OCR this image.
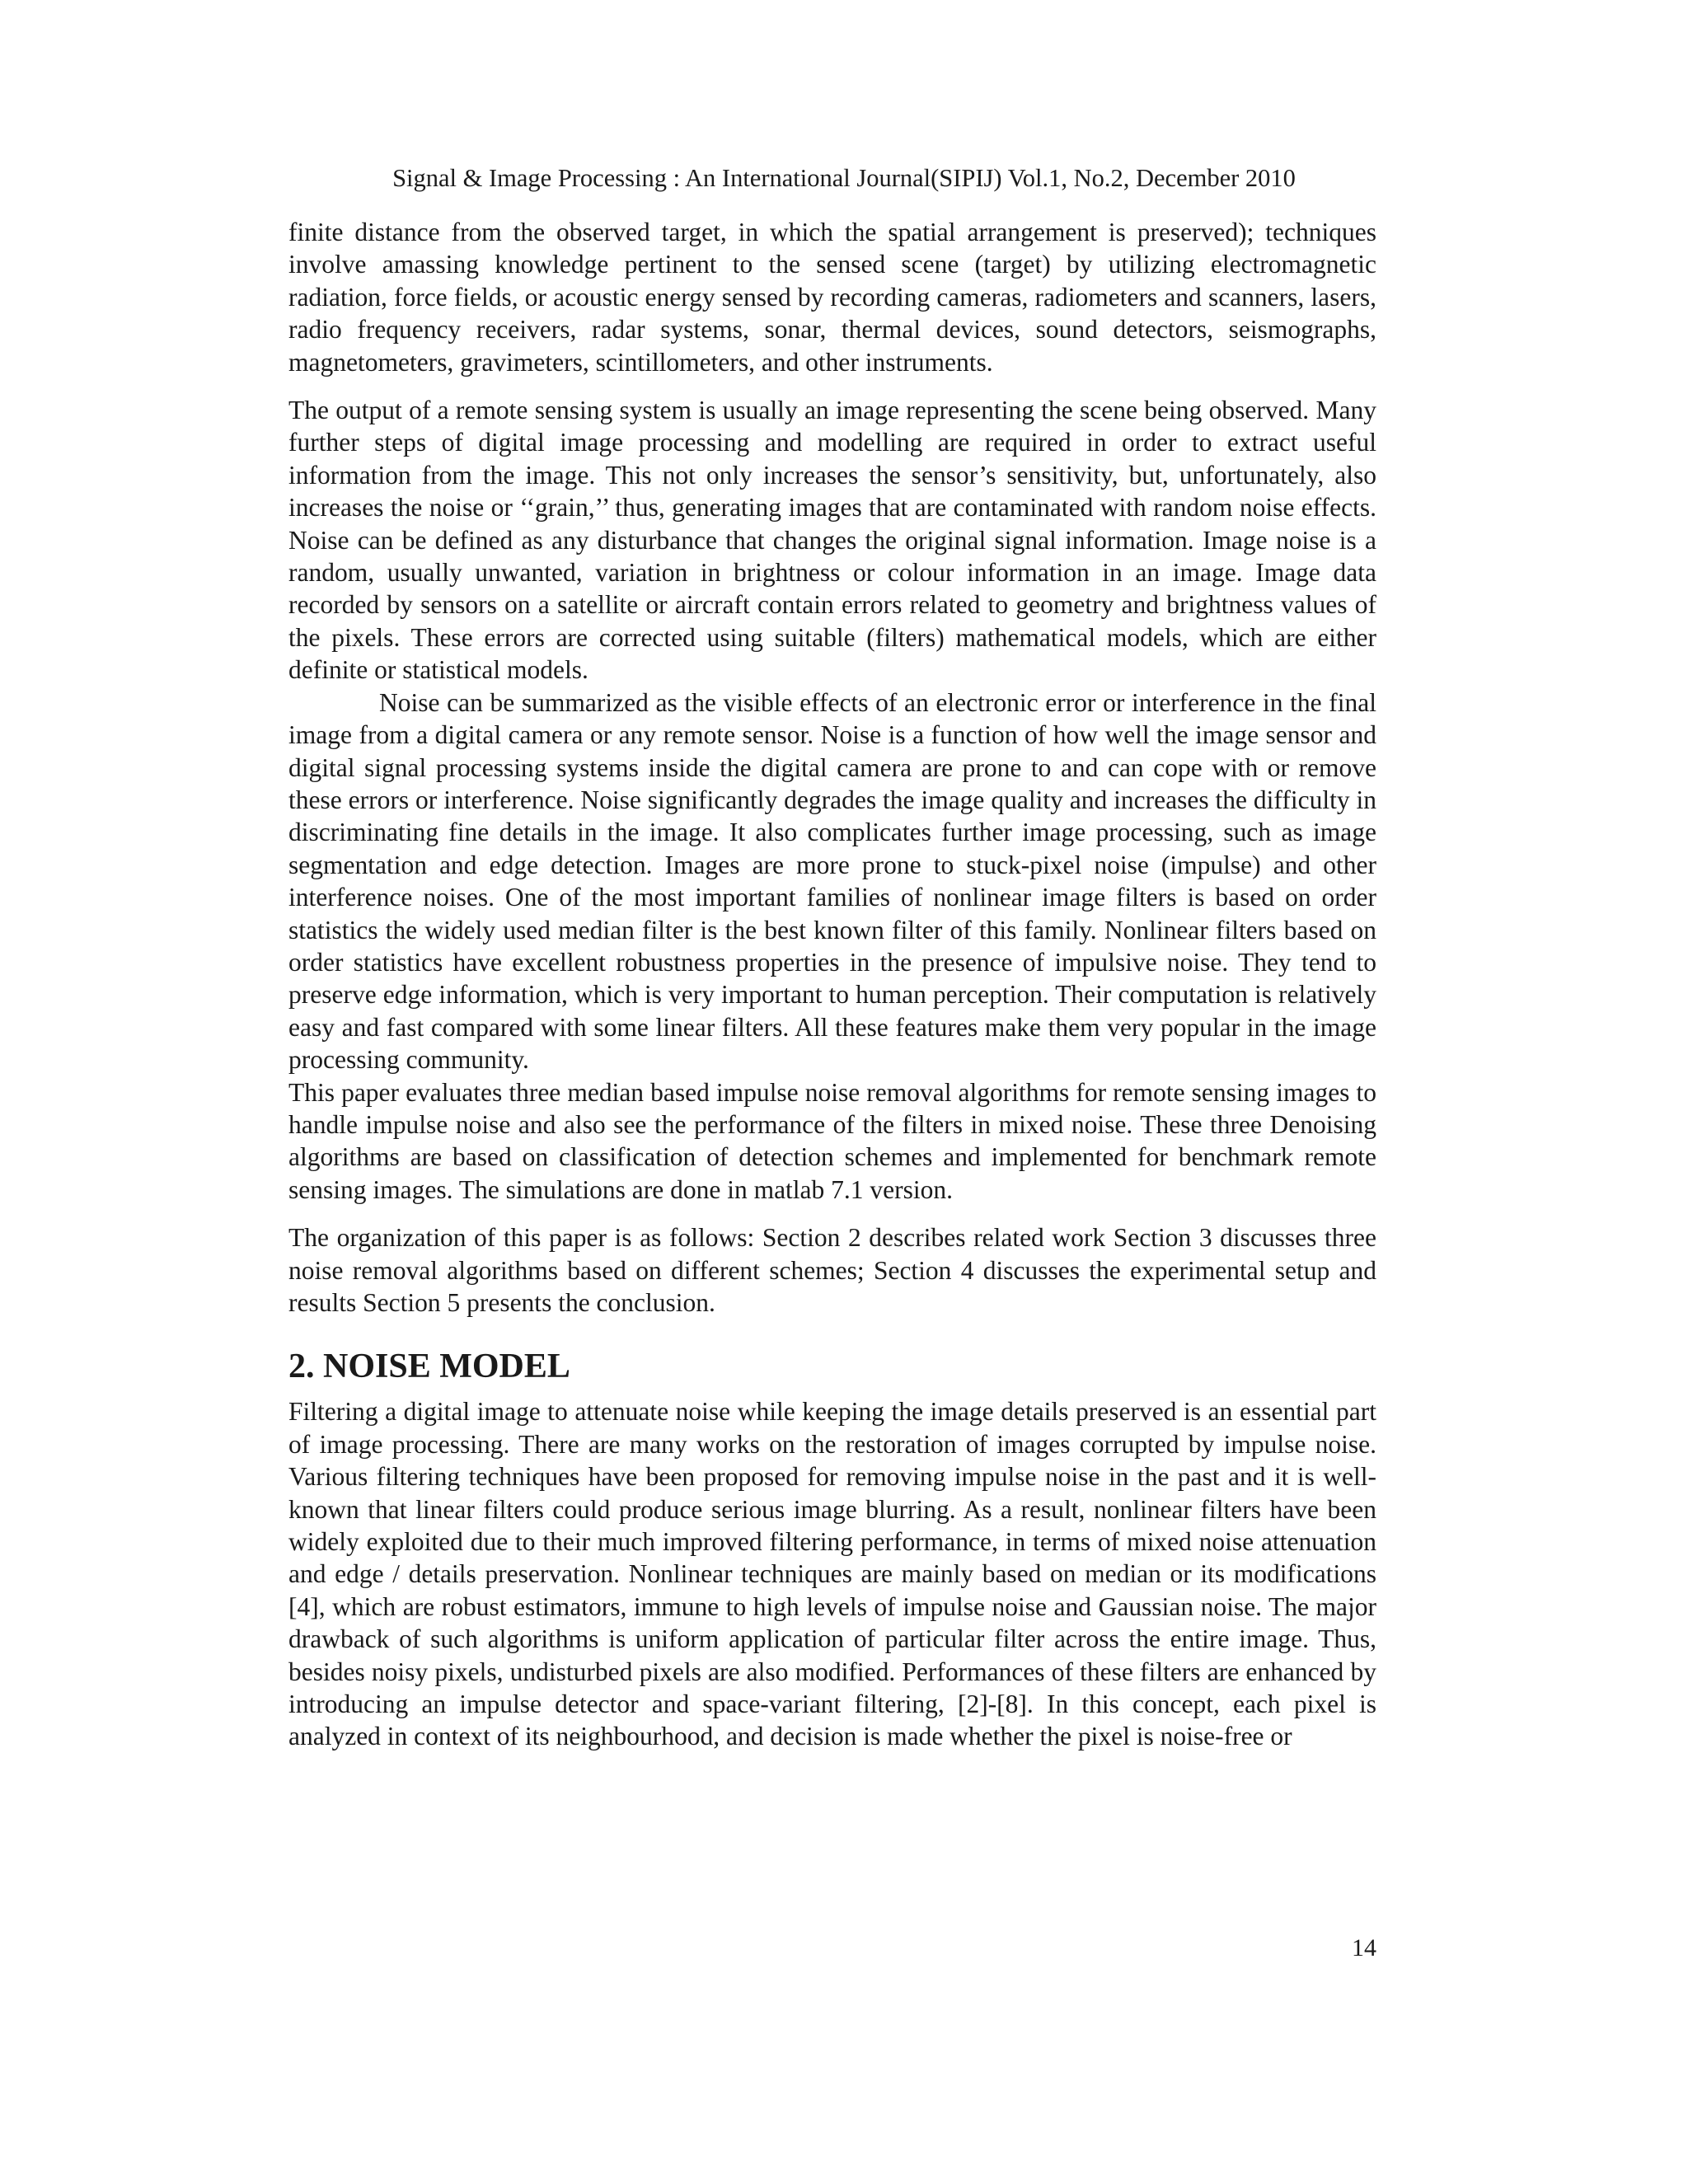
Signal & Image Processing : An International Journal(SIPIJ) Vol.1, No.2, December 2010

finite distance from the observed target, in which the spatial arrangement is preserved); techniques involve amassing knowledge pertinent to the sensed scene (target) by utilizing electromagnetic radiation, force fields, or acoustic energy sensed by recording cameras, radiometers and scanners, lasers, radio frequency receivers, radar systems, sonar, thermal devices, sound detectors, seismographs, magnetometers, gravimeters, scintillometers, and other instruments.

The output of a remote sensing system is usually an image representing the scene being observed. Many further steps of digital image processing and modelling are required in order to extract useful information from the image. This not only increases the sensor’s sensitivity, but, unfortunately, also increases the noise or ‘‘grain,’’ thus, generating images that are contaminated with random noise effects. Noise can be defined as any disturbance that changes the original signal information. Image noise is a random, usually unwanted, variation in brightness or colour information in an image. Image data recorded by sensors on a satellite or aircraft contain errors related to geometry and brightness values of the pixels. These errors are corrected using suitable (filters) mathematical models, which are either definite or statistical models.

Noise can be summarized as the visible effects of an electronic error or interference in the final image from a digital camera or any remote sensor. Noise is a function of how well the image sensor and digital signal processing systems inside the digital camera are prone to and can cope with or remove these errors or interference. Noise significantly degrades the image quality and increases the difficulty in discriminating fine details in the image. It also complicates further image processing, such as image segmentation and edge detection. Images are more prone to stuck-pixel noise (impulse) and other interference noises. One of the most important families of nonlinear image filters is based on order statistics the widely used median filter is the best known filter of this family. Nonlinear filters based on order statistics have excellent robustness properties in the presence of impulsive noise. They tend to preserve edge information, which is very important to human perception. Their computation is relatively easy and fast compared with some linear filters. All these features make them very popular in the image processing community.

This paper evaluates three median based impulse noise removal algorithms for remote sensing images to handle impulse noise and also see the performance of the filters in mixed noise. These three Denoising algorithms are based on classification of detection schemes and implemented for benchmark remote sensing images. The simulations are done in matlab 7.1 version.

The organization of this paper is as follows: Section 2 describes related work Section 3 discusses three noise removal algorithms based on different schemes; Section 4 discusses the experimental setup and results Section 5 presents the conclusion.

2. NOISE MODEL

Filtering a digital image to attenuate noise while keeping the image details preserved is an essential part of image processing. There are many works on the restoration of images corrupted by impulse noise. Various filtering techniques have been proposed for removing impulse noise in the past and it is well-known that linear filters could produce serious image blurring. As a result, nonlinear filters have been widely exploited due to their much improved filtering performance, in terms of mixed noise attenuation and edge / details preservation. Nonlinear techniques are mainly based on median or its modifications [4], which are robust estimators, immune to high levels of impulse noise and Gaussian noise. The major drawback of such algorithms is uniform application of particular filter across the entire image. Thus, besides noisy pixels, undisturbed pixels are also modified. Performances of these filters are enhanced by introducing an impulse detector and space-variant filtering, [2]-[8]. In this concept, each pixel is analyzed in context of its neighbourhood, and decision is made whether the pixel is noise-free or

14
